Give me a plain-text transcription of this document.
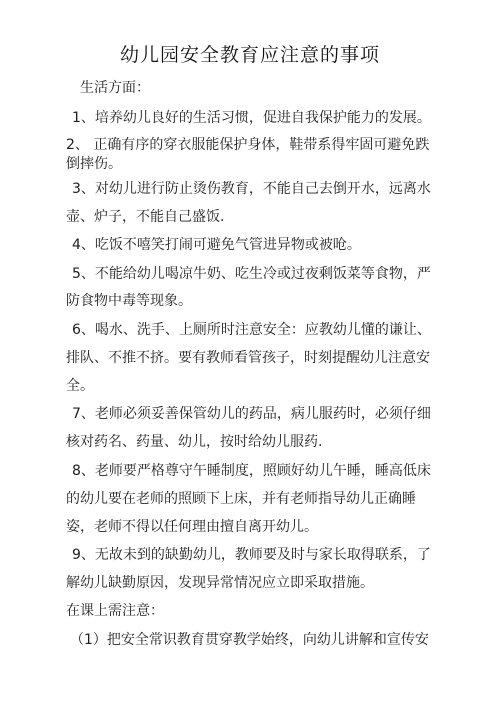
幼儿园安全教育应注意的事项
生活方面：
1、培养幼儿良好的生活习惯，促进自我保护能力的发展。
2、 正确有序的穿衣服能保护身体，鞋带系得牢固可避免跌
倒摔伤。
3、对幼儿进行防止烫伤教育，不能自己去倒开水，远离水
壶、炉子，不能自己盛饭.
4、吃饭不嘻笑打闹可避免气管进异物或被呛。
5、不能给幼儿喝凉牛奶、吃生冷或过夜剩饭菜等食物，严
防食物中毒等现象。
6、喝水、洗手、上厕所时注意安全：应教幼儿懂的谦让、
排队、不推不挤。要有教师看管孩子，时刻提醒幼儿注意安
全。
7、老师必须妥善保管幼儿的药品，病儿服药时，必须仔细
核对药名、药量、幼儿，按时给幼儿服药.
8、老师要严格尊守午睡制度，照顾好幼儿午睡，睡高低床
的幼儿要在老师的照顾下上床，并有老师指导幼儿正确睡
姿，老师不得以任何理由擅自离开幼儿。
9、无故未到的缺勤幼儿，教师要及时与家长取得联系，了
解幼儿缺勤原因，发现异常情况应立即采取措施。
在课上需注意：
（1）把安全常识教育贯穿教学始终，向幼儿讲解和宣传安
